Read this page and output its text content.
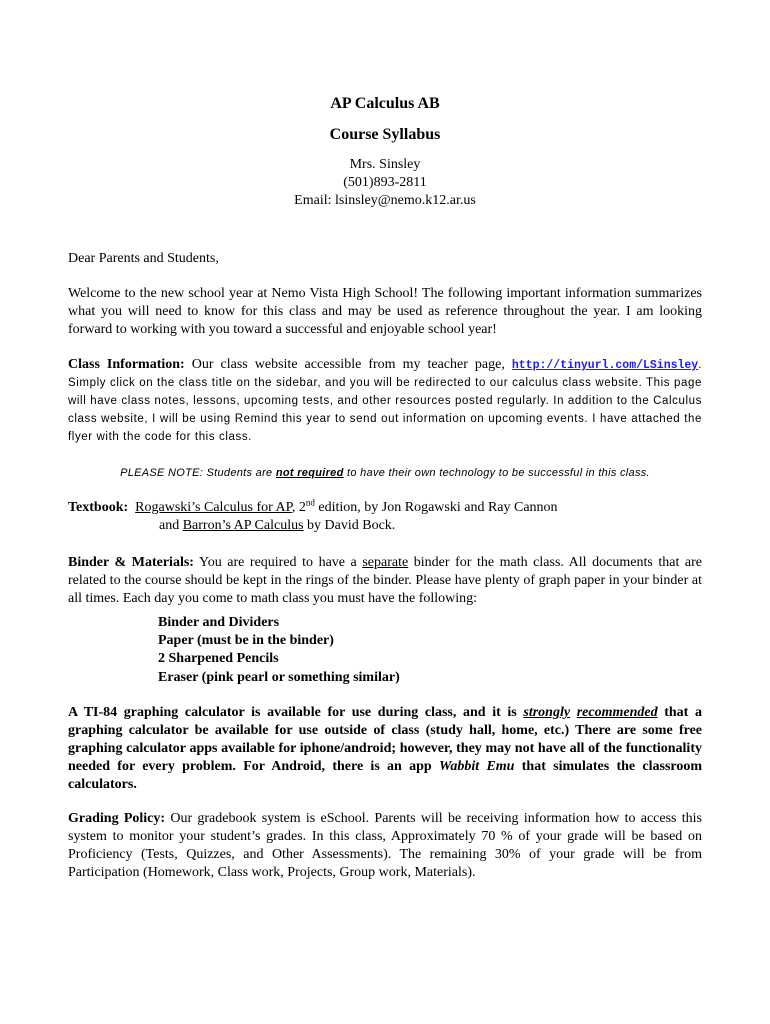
AP Calculus AB
Course Syllabus
Mrs. Sinsley
(501)893-2811
Email: lsinsley@nemo.k12.ar.us
Dear Parents and Students,
Welcome to the new school year at Nemo Vista High School! The following important information summarizes what you will need to know for this class and may be used as reference throughout the year. I am looking forward to working with you toward a successful and enjoyable school year!
Class Information: Our class website accessible from my teacher page, http://tinyurl.com/LSinsley. Simply click on the class title on the sidebar, and you will be redirected to our calculus class website. This page will have class notes, lessons, upcoming tests, and other resources posted regularly. In addition to the Calculus class website, I will be using Remind this year to send out information on upcoming events. I have attached the flyer with the code for this class.
PLEASE NOTE: Students are not required to have their own technology to be successful in this class.
Textbook: Rogawski’s Calculus for AP, 2nd edition, by Jon Rogawski and Ray Cannon
and Barron’s AP Calculus by David Bock.
Binder & Materials: You are required to have a separate binder for the math class. All documents that are related to the course should be kept in the rings of the binder. Please have plenty of graph paper in your binder at all times. Each day you come to math class you must have the following:
Binder and Dividers
Paper (must be in the binder)
2 Sharpened Pencils
Eraser (pink pearl or something similar)
A TI-84 graphing calculator is available for use during class, and it is strongly recommended that a graphing calculator be available for use outside of class (study hall, home, etc.) There are some free graphing calculator apps available for iphone/android; however, they may not have all of the functionality needed for every problem. For Android, there is an app Wabbit Emu that simulates the classroom calculators.
Grading Policy: Our gradebook system is eSchool. Parents will be receiving information how to access this system to monitor your student’s grades. In this class, Approximately 70 % of your grade will be based on Proficiency (Tests, Quizzes, and Other Assessments). The remaining 30% of your grade will be from Participation (Homework, Class work, Projects, Group work, Materials).
